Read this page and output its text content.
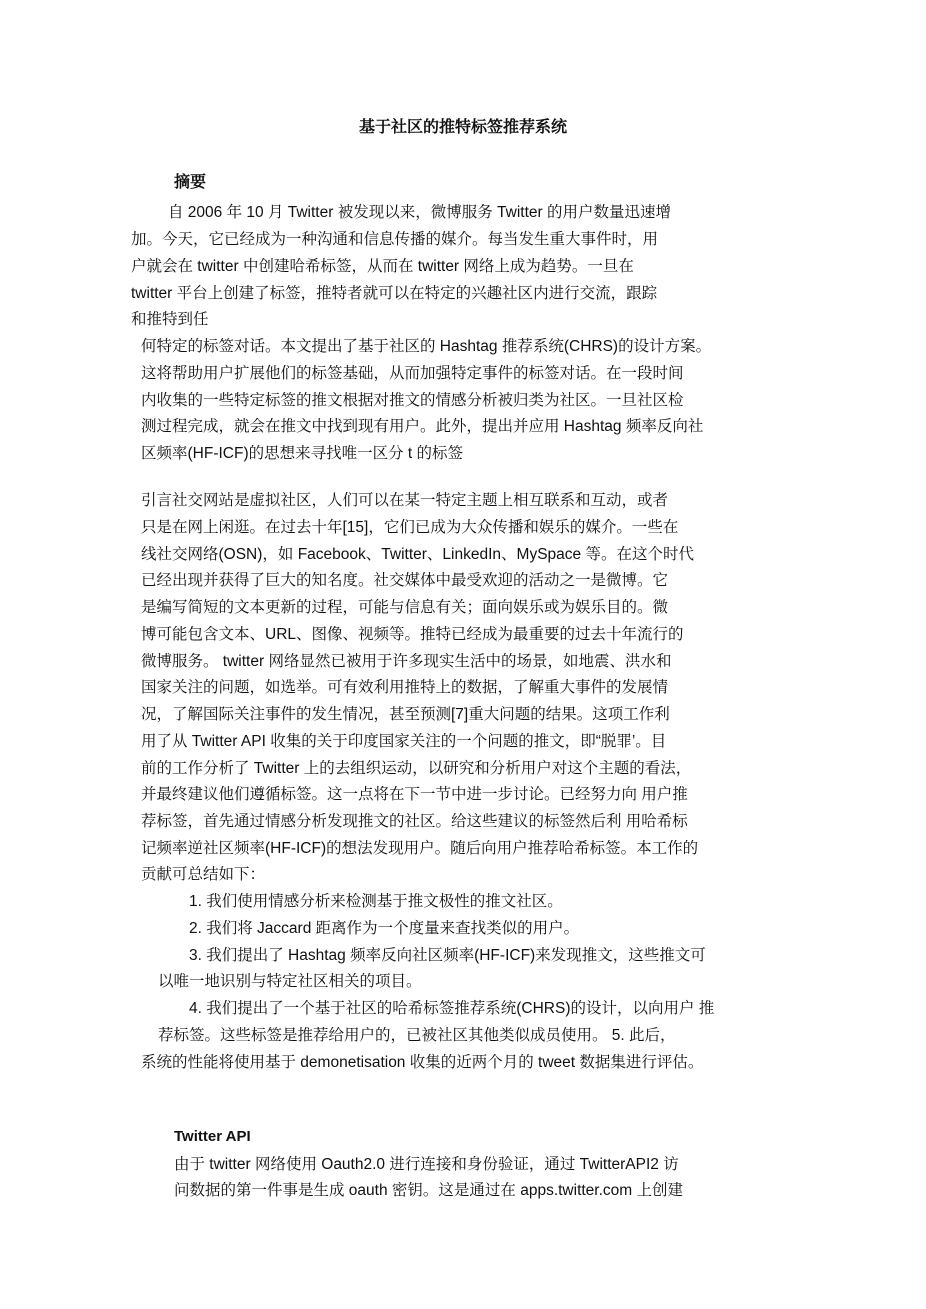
基于社区的推特标签推荐系统
摘要
自 2006 年 10 月 Twitter 被发现以来，微博服务 Twitter 的用户数量迅速增
加。今天，它已经成为一种沟通和信息传播的媒介。每当发生重大事件时，用
户就会在 twitter 中创建哈希标签，从而在 twitter 网络上成为趋势。一旦在
twitter 平台上创建了标签，推特者就可以在特定的兴趣社区内进行交流，跟踪
和推特到任
何特定的标签对话。本文提出了基于社区的 Hashtag 推荐系统(CHRS)的设计方案。
这将帮助用户扩展他们的标签基础，从而加强特定事件的标签对话。在一段时间
内收集的一些特定标签的推文根据对推文的情感分析被归类为社区。一旦社区检
测过程完成，就会在推文中找到现有用户。此外，提出并应用 Hashtag 频率反向社
区频率(HF-ICF)的思想来寻找唯一区分 t 的标签
引言社交网站是虚拟社区，人们可以在某一特定主题上相互联系和互动，或者
只是在网上闲逛。在过去十年[15]，它们已成为大众传播和娱乐的媒介。一些在
线社交网络(OSN)，如 Facebook、Twitter、LinkedIn、MySpace 等。在这个时代
已经出现并获得了巨大的知名度。社交媒体中最受欢迎的活动之一是微博。它
是编写简短的文本更新的过程，可能与信息有关；面向娱乐或为娱乐目的。微
博可能包含文本、URL、图像、视频等。推特已经成为最重要的过去十年流行的
微博服务。 twitter 网络显然已被用于许多现实生活中的场景，如地震、洪水和
国家关注的问题，如选举。可有效利用推特上的数据，了解重大事件的发展情
况，了解国际关注事件的发生情况，甚至预测[7]重大问题的结果。这项工作利
用了从 Twitter API 收集的关于印度国家关注的一个问题的推文，即“脱罪’。目
前的工作分析了 Twitter 上的去组织运动，以研究和分析用户对这个主题的看法，
并最终建议他们遵循标签。这一点将在下一节中进一步讨论。已经努力向 用户推
荐标签，首先通过情感分析发现推文的社区。给这些建议的标签然后利 用哈希标
记频率逆社区频率(HF-ICF)的想法发现用户。随后向用户推荐哈希标签。本工作的
贡献可总结如下：
1. 我们使用情感分析来检测基于推文极性的推文社区。
2. 我们将 Jaccard 距离作为一个度量来查找类似的用户。
3. 我们提出了 Hashtag 频率反向社区频率(HF-ICF)来发现推文，这些推文可
以唯一地识别与特定社区相关的项目。
4. 我们提出了一个基于社区的哈希标签推荐系统(CHRS)的设计，以向用户 推
荐标签。这些标签是推荐给用户的，已被社区其他类似成员使用。 5. 此后，
系统的性能将使用基于 demonetisation 收集的近两个月的 tweet 数据集进行评估。
Twitter API
由于 twitter 网络使用 Oauth2.0 进行连接和身份验证，通过 TwitterAPI2 访
问数据的第一件事是生成 oauth 密钥。这是通过在 apps.twitter.com 上创建
